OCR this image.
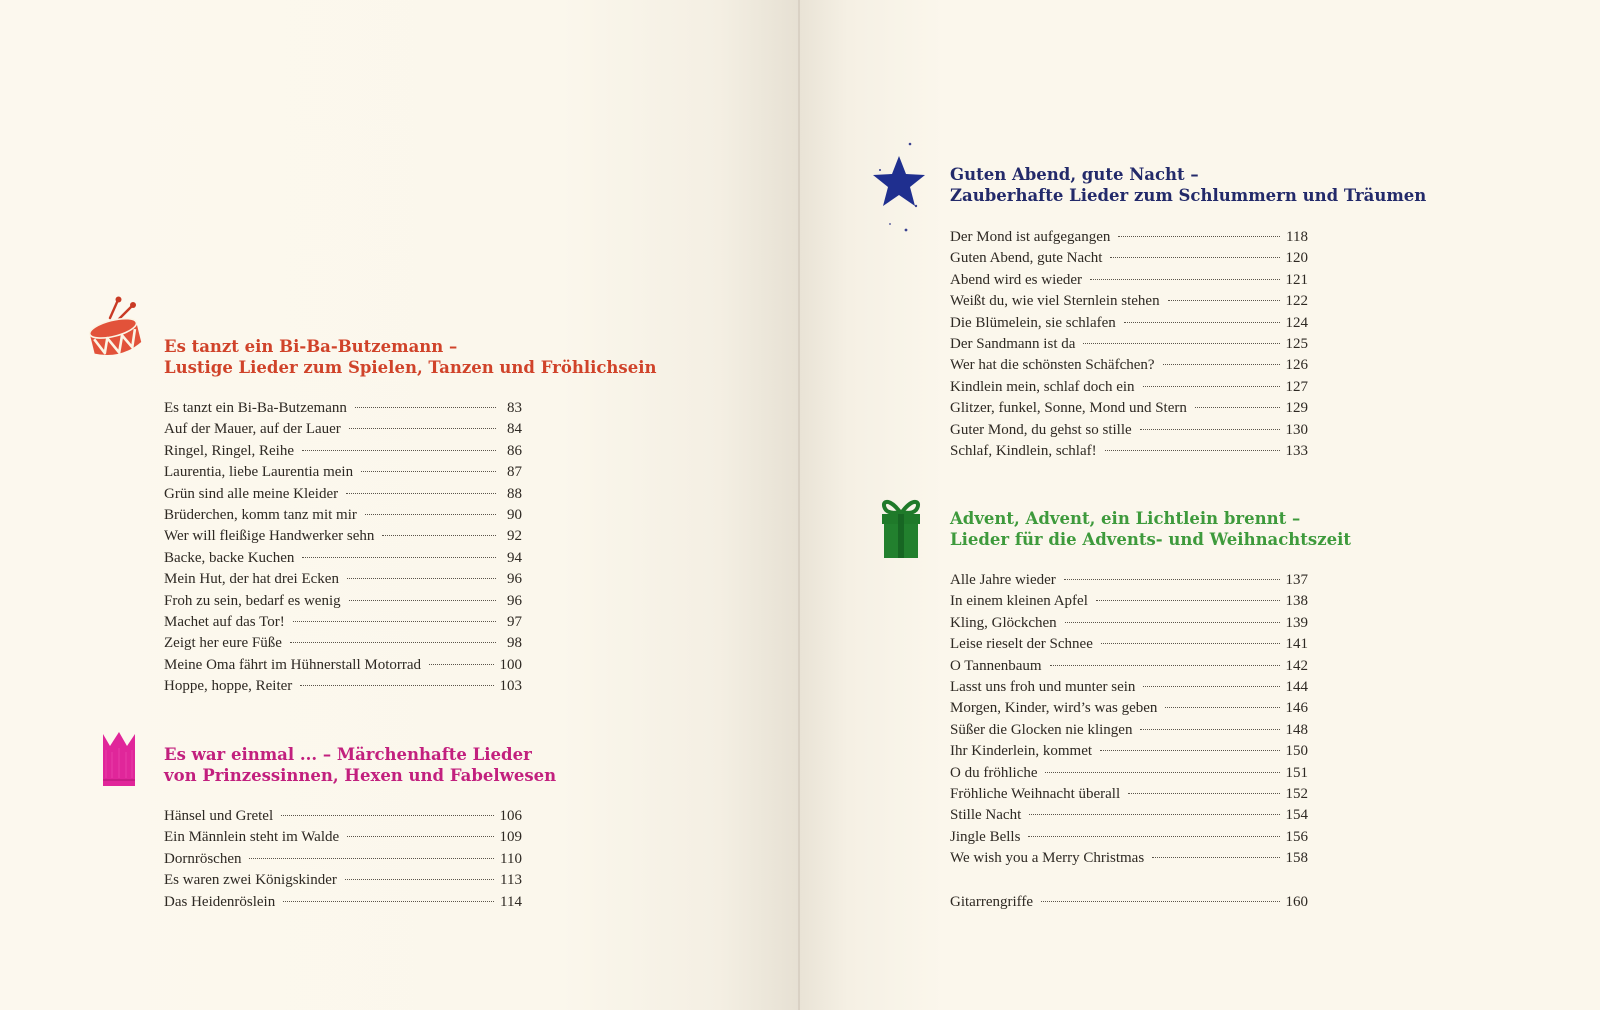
Es tanzt ein Bi-Ba-Butzemann –
Lustige Lieder zum Spielen, Tanzen und Fröhlichsein
Es tanzt ein Bi-Ba-Butzemann	83
Auf der Mauer, auf der Lauer	84
Ringel, Ringel, Reihe	86
Laurentia, liebe Laurentia mein	87
Grün sind alle meine Kleider	88
Brüderchen, komm tanz mit mir	90
Wer will fleißige Handwerker sehn	92
Backe, backe Kuchen	94
Mein Hut, der hat drei Ecken	96
Froh zu sein, bedarf es wenig	96
Machet auf das Tor!	97
Zeigt her eure Füße	98
Meine Oma fährt im Hühnerstall Motorrad	100
Hoppe, hoppe, Reiter	103
Es war einmal ... – Märchenhafte Lieder
von Prinzessinnen, Hexen und Fabelwesen
Hänsel und Gretel	106
Ein Männlein steht im Walde	109
Dornröschen	110
Es waren zwei Königskinder	113
Das Heidenröslein	114
Guten Abend, gute Nacht –
Zauberhafte Lieder zum Schlummern und Träumen
Der Mond ist aufgegangen	118
Guten Abend, gute Nacht	120
Abend wird es wieder	121
Weißt du, wie viel Sternlein stehen	122
Die Blümelein, sie schlafen	124
Der Sandmann ist da	125
Wer hat die schönsten Schäfchen?	126
Kindlein mein, schlaf doch ein	127
Glitzer, funkel, Sonne, Mond und Stern	129
Guter Mond, du gehst so stille	130
Schlaf, Kindlein, schlaf!	133
Advent, Advent, ein Lichtlein brennt –
Lieder für die Advents- und Weihnachtszeit
Alle Jahre wieder	137
In einem kleinen Apfel	138
Kling, Glöckchen	139
Leise rieselt der Schnee	141
O Tannenbaum	142
Lasst uns froh und munter sein	144
Morgen, Kinder, wird’s was geben	146
Süßer die Glocken nie klingen	148
Ihr Kinderlein, kommet	150
O du fröhliche	151
Fröhliche Weihnacht überall	152
Stille Nacht	154
Jingle Bells	156
We wish you a Merry Christmas	158
Gitarrengriffe	160
